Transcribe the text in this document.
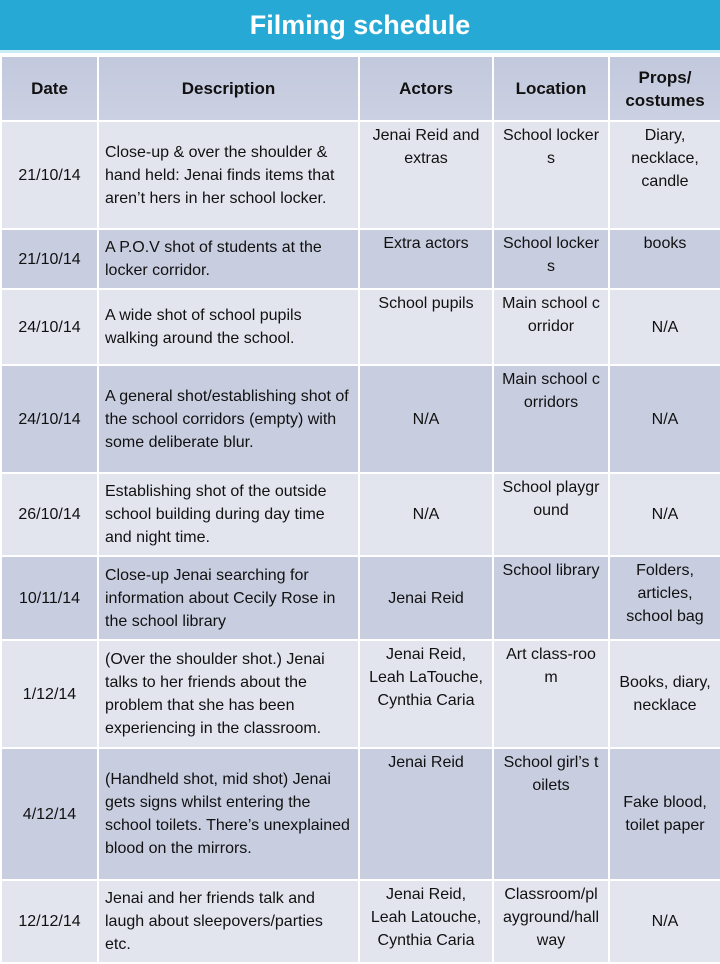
Filming schedule
Date	Description	Actors	Location	Props/ costumes
21/10/14	Close-up & over the shoulder & hand held: Jenai finds items that aren’t hers in her school locker.	Jenai Reid and extras	School lockers	Diary, necklace, candle
21/10/14	A P.O.V shot of students at the locker corridor.	Extra actors	School lockers	books
24/10/14	A wide shot of school pupils walking around the school.	School pupils	Main school corridor	N/A
24/10/14	A general shot/establishing shot of the school corridors (empty) with some deliberate blur.	N/A	Main school corridors	N/A
26/10/14	Establishing shot of the outside school building during day time and night time.	N/A	School playground	N/A
10/11/14	Close-up Jenai searching for information about Cecily Rose in the school library	Jenai Reid	School library	Folders, articles, school bag
1/12/14	(Over the shoulder shot.) Jenai talks to her friends about the problem that she has been experiencing in the classroom.	Jenai Reid, Leah LaTouche, Cynthia Caria	Art class-room	Books, diary, necklace
4/12/14	(Handheld shot, mid shot) Jenai gets signs whilst entering the school toilets. There’s unexplained blood on the mirrors.	Jenai Reid	School girl’s toilets	Fake blood, toilet paper
12/12/14	Jenai and her friends talk and laugh about sleepovers/parties etc.	Jenai Reid, Leah Latouche, Cynthia Caria	Classroom/playground/hallway	N/A
